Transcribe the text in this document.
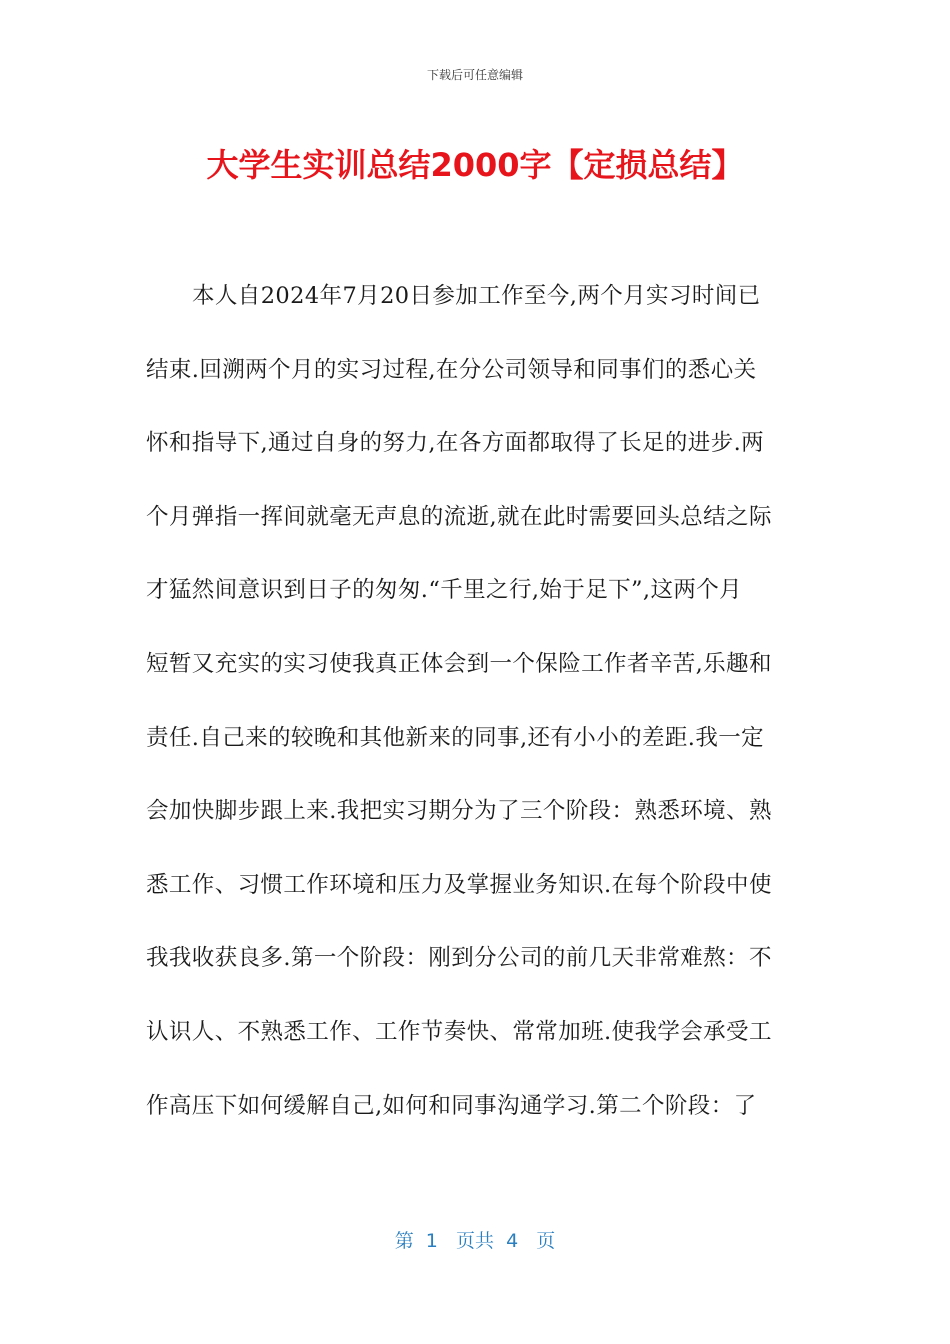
下载后可任意编辑
大学生实训总结2000字【定损总结】
本人自2024年7月20日参加工作至今,两个月实习时间已
结束.回溯两个月的实习过程,在分公司领导和同事们的悉心关
怀和指导下,通过自身的努力,在各方面都取得了长足的进步.两
个月弹指一挥间就毫无声息的流逝,就在此时需要回头总结之际
才猛然间意识到日子的匆匆.“千里之行,始于足下”,这两个月
短暂又充实的实习使我真正体会到一个保险工作者辛苦,乐趣和
责任.自己来的较晚和其他新来的同事,还有小小的差距.我一定
会加快脚步跟上来.我把实习期分为了三个阶段：熟悉环境、熟
悉工作、习惯工作环境和压力及掌握业务知识.在每个阶段中使
我我收获良多.第一个阶段：刚到分公司的前几天非常难熬：不
认识人、不熟悉工作、工作节奏快、常常加班.使我学会承受工
作高压下如何缓解自己,如何和同事沟通学习.第二个阶段：了
第  1   页共  4   页
